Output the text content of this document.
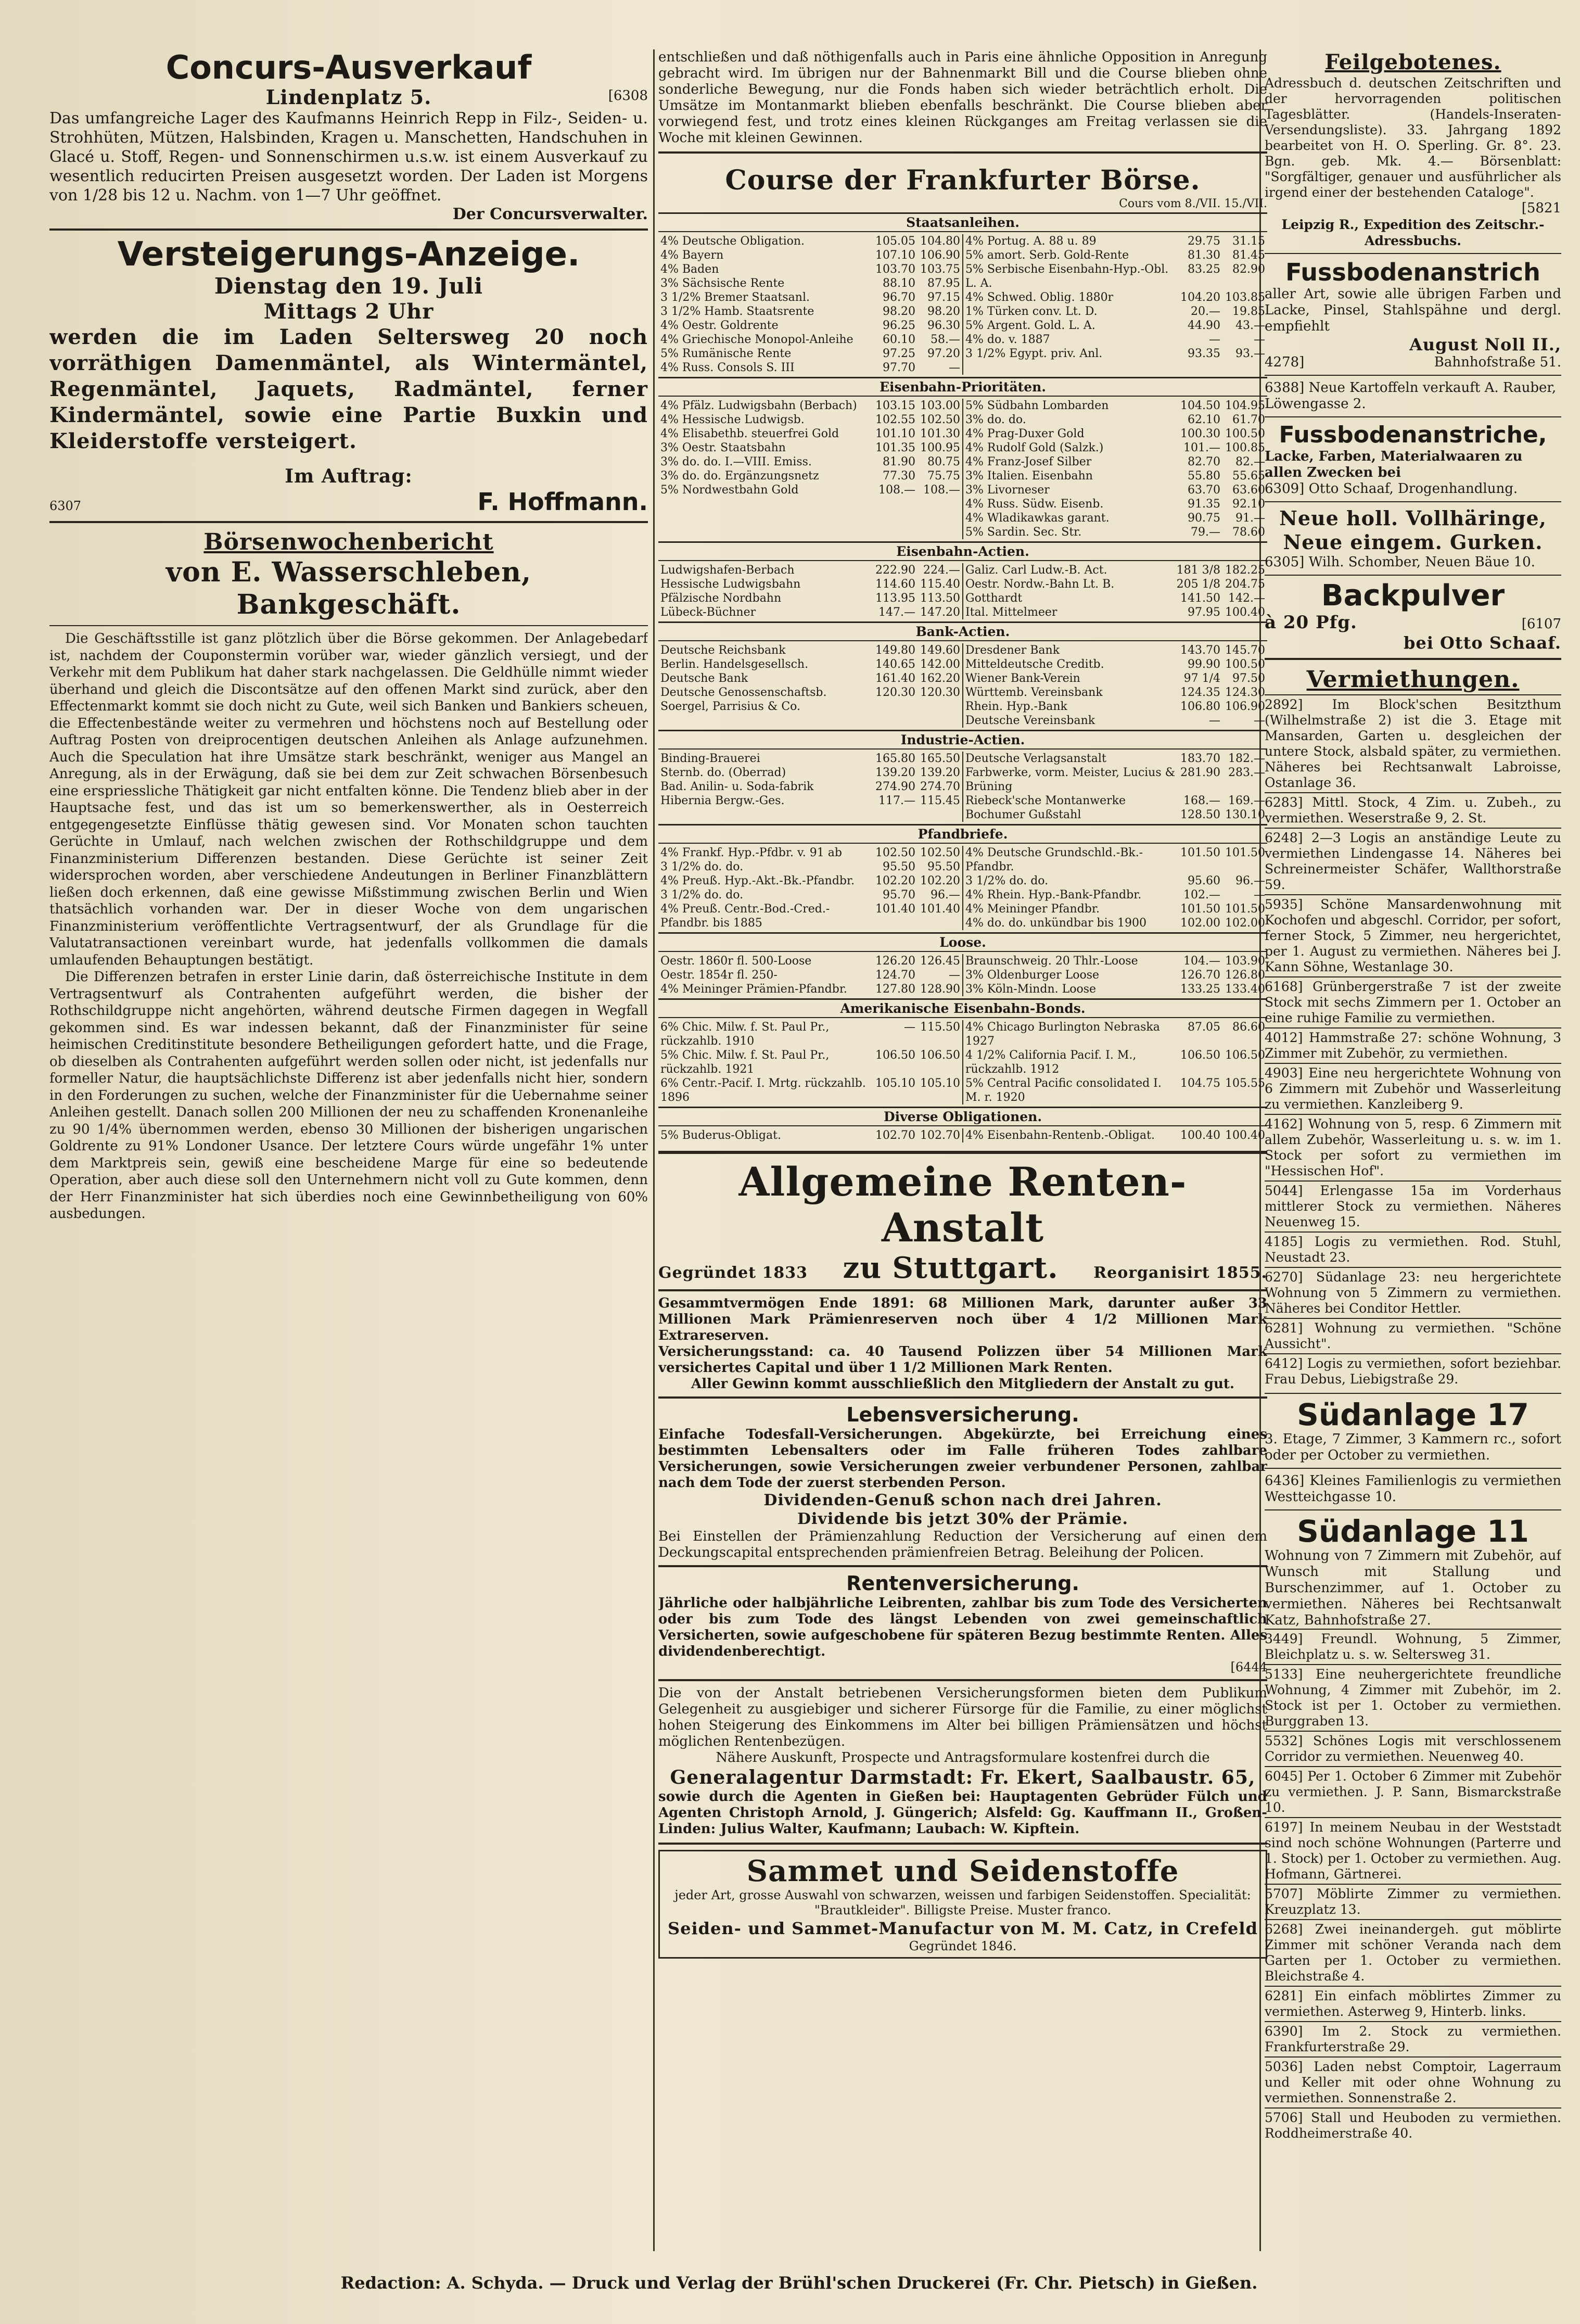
Concurs-Ausverkauf
Lindenplatz 5.	[6308

Das umfangreiche Lager des Kaufmanns Heinrich Repp in Filz-, Seiden- u. Strohhüten, Mützen, Halsbinden, Kragen u. Manschetten, Handschuhen in Glacé u. Stoff, Regen- und Sonnenschirmen u.s.w. ist einem Ausverkauf zu wesentlich reducirten Preisen ausgesetzt worden. Der Laden ist Morgens von 1/28 bis 12 u. Nachm. von 1—7 Uhr geöffnet.

Der Concursverwalter.

Versteigerungs-Anzeige.
Dienstag den 19. Juli
Mittags 2 Uhr

werden die im Laden Seltersweg 20 noch vorräthigen Damenmäntel, als Wintermäntel, Regenmäntel, Jaquets, Radmäntel, ferner Kindermäntel, sowie eine Partie Buxkin und Kleiderstoffe versteigert.

Im Auftrag:
6307	F. Hoffmann.
Börsenwochenbericht
von E. Wasserschleben, Bankgeschäft.

Die Geschäftsstille ist ganz plötzlich über die Börse gekommen. Der Anlagebedarf ist, nachdem der Couponstermin vorüber war, wieder gänzlich versiegt, und der Verkehr mit dem Publikum hat daher stark nachgelassen. Die Geldhülle nimmt wieder überhand und gleich die Discontsätze auf den offenen Markt sind zurück, aber den Effectenmarkt kommt sie doch nicht zu Gute, weil sich Banken und Bankiers scheuen, die Effectenbestände weiter zu vermehren und höchstens noch auf Bestellung oder Auftrag Posten von dreiprocentigen deutschen Anleihen als Anlage aufzunehmen. Auch die Speculation hat ihre Umsätze stark beschränkt, weniger aus Mangel an Anregung, als in der Erwägung, daß sie bei dem zur Zeit schwachen Börsenbesuch eine erspriessliche Thätigkeit gar nicht entfalten könne. Die Tendenz blieb aber in der Hauptsache fest, und das ist um so bemerkenswerther, als in Oesterreich entgegengesetzte Einflüsse thätig gewesen sind. Vor Monaten schon tauchten Gerüchte in Umlauf, nach welchen zwischen der Rothschildgruppe und dem Finanzministerium Differenzen bestanden. Diese Gerüchte ist seiner Zeit widersprochen worden, aber verschiedene Andeutungen in Berliner Finanzblättern ließen doch erkennen, daß eine gewisse Mißstimmung zwischen Berlin und Wien thatsächlich vorhanden war. Der in dieser Woche von dem ungarischen Finanzministerium veröffentlichte Vertragsentwurf, der als Grundlage für die Valutatransactionen vereinbart wurde, hat jedenfalls vollkommen die damals umlaufenden Behauptungen bestätigt.

Die Differenzen betrafen in erster Linie darin, daß österreichische Institute in dem Vertragsentwurf als Contrahenten aufgeführt werden, die bisher der Rothschildgruppe nicht angehörten, während deutsche Firmen dagegen in Wegfall gekommen sind. Es war indessen bekannt, daß der Finanzminister für seine heimischen Creditinstitute besondere Betheiligungen gefordert hatte, und die Frage, ob dieselben als Contrahenten aufgeführt werden sollen oder nicht, ist jedenfalls nur formeller Natur, die hauptsächlichste Differenz ist aber jedenfalls nicht hier, sondern in den Forderungen zu suchen, welche der Finanzminister für die Uebernahme seiner Anleihen gestellt. Danach sollen 200 Millionen der neu zu schaffenden Kronenanleihe zu 90 1/4% übernommen werden, ebenso 30 Millionen der bisherigen ungarischen Goldrente zu 91% Londoner Usance. Der letztere Cours würde ungefähr 1% unter dem Marktpreis sein, gewiß eine bescheidene Marge für eine so bedeutende Operation, aber auch diese soll den Unternehmern nicht voll zu Gute kommen, denn der Herr Finanzminister hat sich überdies noch eine Gewinnbetheiligung von 60% ausbedungen.

entschließen und daß nöthigenfalls auch in Paris eine ähnliche Opposition in Anregung gebracht wird. Im übrigen nur der Bahnenmarkt Bill und die Course blieben ohne sonderliche Bewegung, nur die Fonds haben sich wieder beträchtlich erholt. Die Umsätze im Montanmarkt blieben ebenfalls beschränkt. Die Course blieben aber vorwiegend fest, und trotz eines kleinen Rückganges am Freitag verlassen sie die Woche mit kleinen Gewinnen.

Course der Frankfurter Börse.
Cours vom 8./VII. 15./VII.
Staatsanleihen.
4% Deutsche Obligation.	105.05	104.80
4% Bayern	107.10	106.90
4% Baden	103.70	103.75
3% Sächsische Rente	88.10	87.95
3 1/2% Bremer Staatsanl.	96.70	97.15
3 1/2% Hamb. Staatsrente	98.20	98.20
4% Oestr. Goldrente	96.25	96.30
4% Griechische Monopol-Anleihe	60.10	58.—
5% Rumänische Rente	97.25	97.20
4% Russ. Consols S. III	97.70	—
4% Portug. A. 88 u. 89	29.75	31.15
5% amort. Serb. Gold-Rente	81.30	81.45
5% Serbische Eisenbahn-Hyp.-Obl. L. A.	83.25	82.90
4% Schwed. Oblig. 1880r	104.20	103.85
1% Türken conv. Lt. D.	20.—	19.85
5% Argent. Gold. L. A.	44.90	43.—
4% do. v. 1887	—	—
3 1/2% Egypt. priv. Anl.	93.35	93.—
Eisenbahn-Prioritäten.
4% Pfälz. Ludwigsbahn (Berbach)	103.15	103.00
4% Hessische Ludwigsb.	102.55	102.50
4% Elisabethb. steuerfrei Gold	101.10	101.30
3% Oestr. Staatsbahn	101.35	100.95
3% do. do. I.—VIII. Emiss.	81.90	80.75
3% do. do. Ergänzungsnetz	77.30	75.75
5% Nordwestbahn Gold	108.—	108.—
5% Südbahn Lombarden	104.50	104.95
3% do. do.	62.10	61.70
4% Prag-Duxer Gold	100.30	100.50
4% Rudolf Gold (Salzk.)	101.—	100.85
4% Franz-Josef Silber	82.70	82.—
3% Italien. Eisenbahn	55.80	55.65
3% Livorneser	63.70	63.60
4% Russ. Südw. Eisenb.	91.35	92.10
4% Wladikawkas garant.	90.75	91.—
5% Sardin. Sec. Str.	79.—	78.60
Eisenbahn-Actien.
Ludwigshafen-Berbach	222.90	224.—
Hessische Ludwigsbahn	114.60	115.40
Pfälzische Nordbahn	113.95	113.50
Lübeck-Büchner	147.—	147.20
Galiz. Carl Ludw.-B. Act.	181 3/8	182.25
Oestr. Nordw.-Bahn Lt. B.	205 1/8	204.75
Gotthardt	141.50	142.—
Ital. Mittelmeer	97.95	100.40
Bank-Actien.
Deutsche Reichsbank	149.80	149.60
Berlin. Handelsgesellsch.	140.65	142.00
Deutsche Bank	161.40	162.20
Deutsche Genossenschaftsb. Soergel, Parrisius & Co.	120.30	120.30
Dresdener Bank	143.70	145.70
Mitteldeutsche Creditb.	99.90	100.50
Wiener Bank-Verein	97 1/4	97.50
Württemb. Vereinsbank	124.35	124.30
Rhein. Hyp.-Bank	106.80	106.90
Deutsche Vereinsbank	—	—
Industrie-Actien.
Binding-Brauerei	165.80	165.50
Sternb. do. (Oberrad)	139.20	139.20
Bad. Anilin- u. Soda-fabrik	274.90	274.70
Hibernia Bergw.-Ges.	117.—	115.45
Deutsche Verlagsanstalt	183.70	182.—
Farbwerke, vorm. Meister, Lucius & Brüning	281.90	283.—
Riebeck'sche Montanwerke	168.—	169.—
Bochumer Gußstahl	128.50	130.10
Pfandbriefe.
4% Frankf. Hyp.-Pfdbr. v. 91 ab	102.50	102.50
3 1/2% do. do.	95.50	95.50
4% Preuß. Hyp.-Akt.-Bk.-Pfandbr.	102.20	102.20
3 1/2% do. do.	95.70	96.—
4% Preuß. Centr.-Bod.-Cred.-Pfandbr. bis 1885	101.40	101.40
4% Deutsche Grundschld.-Bk.-Pfandbr.	101.50	101.50
3 1/2% do. do.	95.60	96.—
4% Rhein. Hyp.-Bank-Pfandbr.	102.—	—
4% Meininger Pfandbr.	101.50	101.50
4% do. do. unkündbar bis 1900	102.00	102.00
Loose.
Oestr. 1860r fl. 500-Loose	126.20	126.45
Oestr. 1854r fl. 250-	124.70	—
4% Meininger Prämien-Pfandbr.	127.80	128.90
Braunschweig. 20 Thlr.-Loose	104.—	103.90
3% Oldenburger Loose	126.70	126.80
3% Köln-Mindn. Loose	133.25	133.40
Amerikanische Eisenbahn-Bonds.
6% Chic. Milw. f. St. Paul Pr., rückzahlb. 1910	—	115.50
5% Chic. Milw. f. St. Paul Pr., rückzahlb. 1921	106.50	106.50
6% Centr.-Pacif. I. Mrtg. rückzahlb. 1896	105.10	105.10
4% Chicago Burlington Nebraska 1927	87.05	86.60
4 1/2% California Pacif. I. M., rückzahlb. 1912	106.50	106.50
5% Central Pacific consolidated I. M. r. 1920	104.75	105.55
Diverse Obligationen.
5% Buderus-Obligat.	102.70	102.70 4% Eisenbahn-Rentenb.-Obligat.	100.40	100.40
Allgemeine Renten-Anstalt
Gegründet 1833 zu Stuttgart. Reorganisirt 1855.

Gesammtvermögen Ende 1891: 68 Millionen Mark, darunter außer 33 Millionen Mark Prämienreserven noch über 4 1/2 Millionen Mark Extrareserven.

Versicherungsstand: ca. 40 Tausend Polizzen über 54 Millionen Mark versichertes Capital und über 1 1/2 Millionen Mark Renten.

Aller Gewinn kommt ausschließlich den Mitgliedern der Anstalt zu gut.

Lebensversicherung.

Einfache Todesfall-Versicherungen. Abgekürzte, bei Erreichung eines bestimmten Lebensalters oder im Falle früheren Todes zahlbare Versicherungen, sowie Versicherungen zweier verbundener Personen, zahlbar nach dem Tode der zuerst sterbenden Person.

Dividenden-Genuß schon nach drei Jahren.
Dividende bis jetzt 30% der Prämie.

Bei Einstellen der Prämienzahlung Reduction der Versicherung auf einen dem Deckungscapital entsprechenden prämienfreien Betrag. Beleihung der Policen.

Rentenversicherung.

Jährliche oder halbjährliche Leibrenten, zahlbar bis zum Tode des Versicherten oder bis zum Tode des längst Lebenden von zwei gemeinschaftlich Versicherten, sowie aufgeschobene für späteren Bezug bestimmte Renten. Alles dividendenberechtigt.

[6444

Die von der Anstalt betriebenen Versicherungsformen bieten dem Publikum Gelegenheit zu ausgiebiger und sicherer Fürsorge für die Familie, zu einer möglichst hohen Steigerung des Einkommens im Alter bei billigen Prämiensätzen und höchst möglichen Rentenbezügen.

Nähere Auskunft, Prospecte und Antragsformulare kostenfrei durch die

Generalagentur Darmstadt: Fr. Ekert, Saalbaustr. 65,

sowie durch die Agenten in Gießen bei: Hauptagenten Gebrüder Fülch und Agenten Christoph Arnold, J. Güngerich; Alsfeld: Gg. Kauffmann II., Großen-Linden: Julius Walter, Kaufmann; Laubach: W. Kipftein.

Sammet und Seidenstoffe

jeder Art, grosse Auswahl von schwarzen, weissen und farbigen Seidenstoffen. Specialität: "Brautkleider". Billigste Preise. Muster franco.

Seiden- und Sammet-Manufactur von M. M. Catz, in Crefeld

Gegründet 1846.

Feilgebotenes.

Adressbuch d. deutschen Zeitschriften und der hervorragenden politischen Tagesblätter. (Handels-Inseraten-Versendungsliste). 33. Jahrgang 1892 bearbeitet von H. O. Sperling. Gr. 8°. 23. Bgn. geb. Mk. 4.— Börsenblatt: "Sorgfältiger, genauer und ausführlicher als irgend einer der bestehenden Cataloge".

[5821

Leipzig R., Expedition des Zeitschr.-Adressbuchs.

Fussbodenanstrich

aller Art, sowie alle übrigen Farben und Lacke, Pinsel, Stahlspähne und dergl. empfiehlt

August Noll II.,

4278]	Bahnhofstraße 51.

6388] Neue Kartoffeln verkauft A. Rauber, Löwengasse 2.

Fussbodenanstriche,

Lacke, Farben, Materialwaaren zu allen Zwecken bei

6309] Otto Schaaf, Drogenhandlung.

Neue holl. Vollhäringe, Neue eingem. Gurken.

6305] Wilh. Schomber, Neuen Bäue 10.

Backpulver
à 20 Pfg.	[6107

bei Otto Schaaf.

Vermiethungen.

2892] Im Block'schen Besitzthum (Wilhelmstraße 2) ist die 3. Etage mit Mansarden, Garten u. desgleichen der untere Stock, alsbald später, zu vermiethen. Näheres bei Rechtsanwalt Labroisse, Ostanlage 36.

6283] Mittl. Stock, 4 Zim. u. Zubeh., zu vermiethen. Weserstraße 9, 2. St.

6248] 2—3 Logis an anständige Leute zu vermiethen Lindengasse 14. Näheres bei Schreinermeister Schäfer, Wallthorstraße 59.

5935] Schöne Mansardenwohnung mit Kochofen und abgeschl. Corridor, per sofort, ferner Stock, 5 Zimmer, neu hergerichtet, per 1. August zu vermiethen. Näheres bei J. Kann Söhne, Westanlage 30.

6168] Grünbergerstraße 7 ist der zweite Stock mit sechs Zimmern per 1. October an eine ruhige Familie zu vermiethen.

4012] Hammstraße 27: schöne Wohnung, 3 Zimmer mit Zubehör, zu vermiethen.

4903] Eine neu hergerichtete Wohnung von 6 Zimmern mit Zubehör und Wasserleitung zu vermiethen. Kanzleiberg 9.

4162] Wohnung von 5, resp. 6 Zimmern mit allem Zubehör, Wasserleitung u. s. w. im 1. Stock per sofort zu vermiethen im "Hessischen Hof".

5044] Erlengasse 15a im Vorderhaus mittlerer Stock zu vermiethen. Näheres Neuenweg 15.

4185] Logis zu vermiethen. Rod. Stuhl, Neustadt 23.

6270] Südanlage 23: neu hergerichtete Wohnung von 5 Zimmern zu vermiethen. Näheres bei Conditor Hettler.

6281] Wohnung zu vermiethen. "Schöne Aussicht".

6412] Logis zu vermiethen, sofort beziehbar. Frau Debus, Liebigstraße 29.

Südanlage 17

3. Etage, 7 Zimmer, 3 Kammern rc., sofort oder per October zu vermiethen.

6436] Kleines Familienlogis zu vermiethen Westteichgasse 10.

Südanlage 11

Wohnung von 7 Zimmern mit Zubehör, auf Wunsch mit Stallung und Burschenzimmer, auf 1. October zu vermiethen. Näheres bei Rechtsanwalt Katz, Bahnhofstraße 27.

3449] Freundl. Wohnung, 5 Zimmer, Bleichplatz u. s. w. Seltersweg 31.

5133] Eine neuhergerichtete freundliche Wohnung, 4 Zimmer mit Zubehör, im 2. Stock ist per 1. October zu vermiethen. Burggraben 13.

5532] Schönes Logis mit verschlossenem Corridor zu vermiethen. Neuenweg 40.

6045] Per 1. October 6 Zimmer mit Zubehör zu vermiethen. J. P. Sann, Bismarckstraße 10.

6197] In meinem Neubau in der Weststadt sind noch schöne Wohnungen (Parterre und 1. Stock) per 1. October zu vermiethen. Aug. Hofmann, Gärtnerei.

5707] Möblirte Zimmer zu vermiethen. Kreuzplatz 13.

6268] Zwei ineinandergeh. gut möblirte Zimmer mit schöner Veranda nach dem Garten per 1. October zu vermiethen. Bleichstraße 4.

6281] Ein einfach möblirtes Zimmer zu vermiethen. Asterweg 9, Hinterb. links.

6390] Im 2. Stock zu vermiethen. Frankfurterstraße 29.

5036] Laden nebst Comptoir, Lagerraum und Keller mit oder ohne Wohnung zu vermiethen. Sonnenstraße 2.

5706] Stall und Heuboden zu vermiethen. Roddheimerstraße 40.

Redaction: A. Schyda. — Druck und Verlag der Brühl'schen Druckerei (Fr. Chr. Pietsch) in Gießen.
